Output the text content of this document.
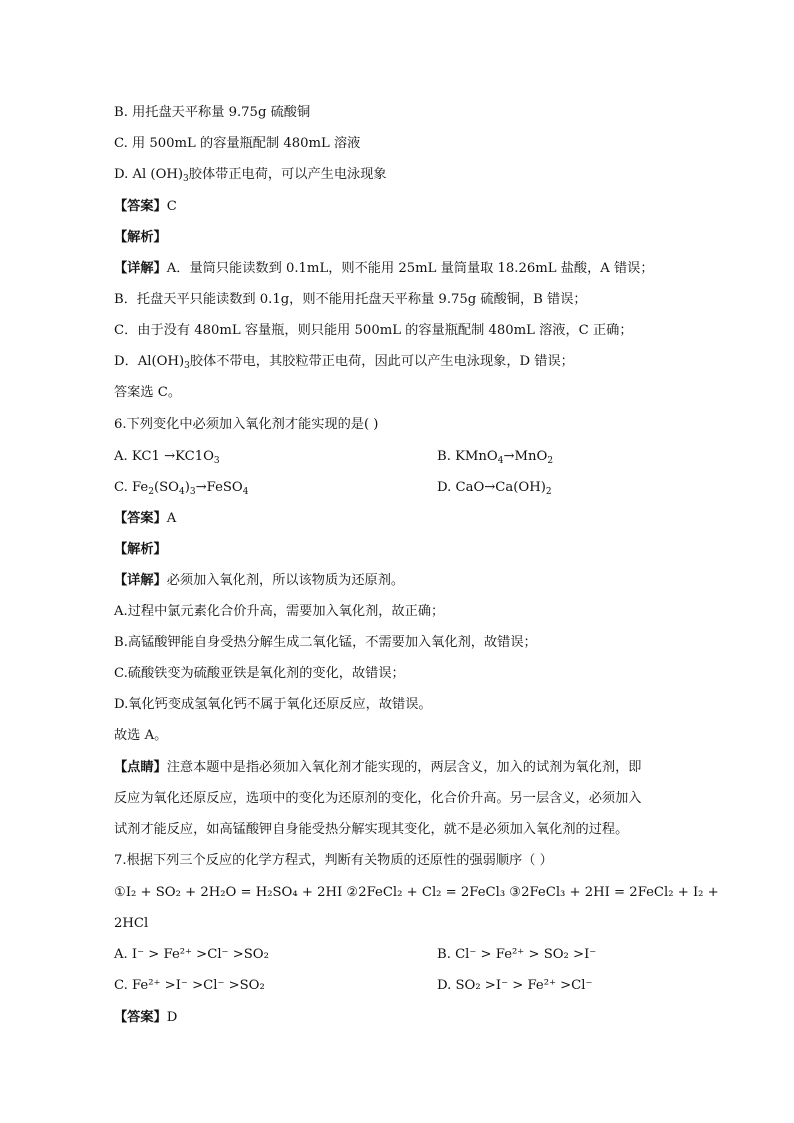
B. 用托盘天平称量 9.75g 硫酸铜
C. 用 500mL 的容量瓶配制 480mL 溶液
D. Al $(OH)_3$胶体带正电荷，可以产生电泳现象
【答案】C
【解析】
【详解】A．量筒只能读数到 0.1mL，则不能用 25mL 量筒量取 18.26mL 盐酸，A 错误；
B．托盘天平只能读数到 0.1g，则不能用托盘天平称量 9.75g 硫酸铜，B 错误；
C．由于没有 480mL 容量瓶，则只能用 500mL 的容量瓶配制 480mL 溶液，C 正确；
D．$Al(OH)_3$胶体不带电，其胶粒带正电荷，因此可以产生电泳现象，D 错误；
答案选 C。
6.下列变化中必须加入氧化剂才能实现的是( )
A. $KC1 \to KC1O_3$	B. KMnO$_4$→MnO$_2$
C. $Fe_2(SO_4)_3\to FeSO_4$	D. $CaO\to Ca(OH)_2$
【答案】A
【解析】
【详解】必须加入氧化剂，所以该物质为还原剂。
A.过程中氯元素化合价升高，需要加入氧化剂，故正确；
B.高锰酸钾能自身受热分解生成二氧化锰，不需要加入氧化剂，故错误；
C.硫酸铁变为硫酸亚铁是氧化剂的变化，故错误；
D.氧化钙变成氢氧化钙不属于氧化还原反应，故错误。
故选 A。
【点睛】注意本题中是指必须加入氧化剂才能实现的，两层含义，加入的试剂为氧化剂，即
反应为氧化还原反应，选项中的变化为还原剂的变化，化合价升高。另一层含义，必须加入
试剂才能反应，如高锰酸钾自身能受热分解实现其变化，就不是必须加入氧化剂的过程。
7.根据下列三个反应的化学方程式，判断有关物质的还原性的强弱顺序（ ）
①I₂ + SO₂ + 2H₂O = H₂SO₄ + 2HI ②2FeCl₂ + Cl₂ = 2FeCl₃ ③2FeCl₃ + 2HI = 2FeCl₂ + I₂ +
2HCl
A. I⁻ > Fe²⁺ >Cl⁻ >SO₂	B. Cl⁻ > Fe²⁺ > SO₂ >I⁻
C. Fe²⁺ >I⁻ >Cl⁻ >SO₂	D. SO₂ >I⁻ > Fe²⁺ >Cl⁻
【答案】D
